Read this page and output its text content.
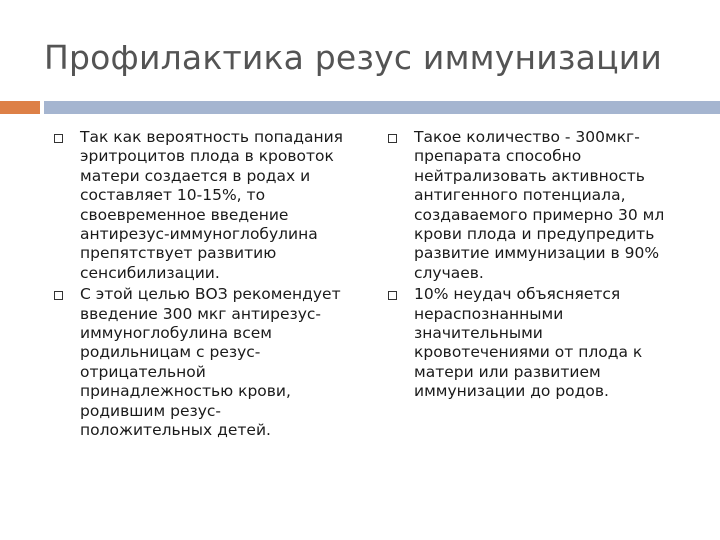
Профилактика резус иммунизации
Так как вероятность попадания
эритроцитов плода в кровоток
матери создается в родах и
составляет 10-15%, то
своевременное введение
антирезус-иммуноглобулина
препятствует развитию
сенсибилизации.
С этой целью ВОЗ рекомендует
введение 300 мкг антирезус-
иммуноглобулина всем
родильницам с резус-
отрицательной
принадлежностью крови,
родившим резус-
положительных детей.
Такое количество - 300мкг-
препарата способно
нейтрализовать активность
антигенного потенциала,
создаваемого примерно 30 мл
крови плода и предупредить
развитие иммунизации в 90%
случаев.
10% неудач объясняется
нераспознанными
значительными
кровотечениями от плода к
матери или развитием
иммунизации до родов.
